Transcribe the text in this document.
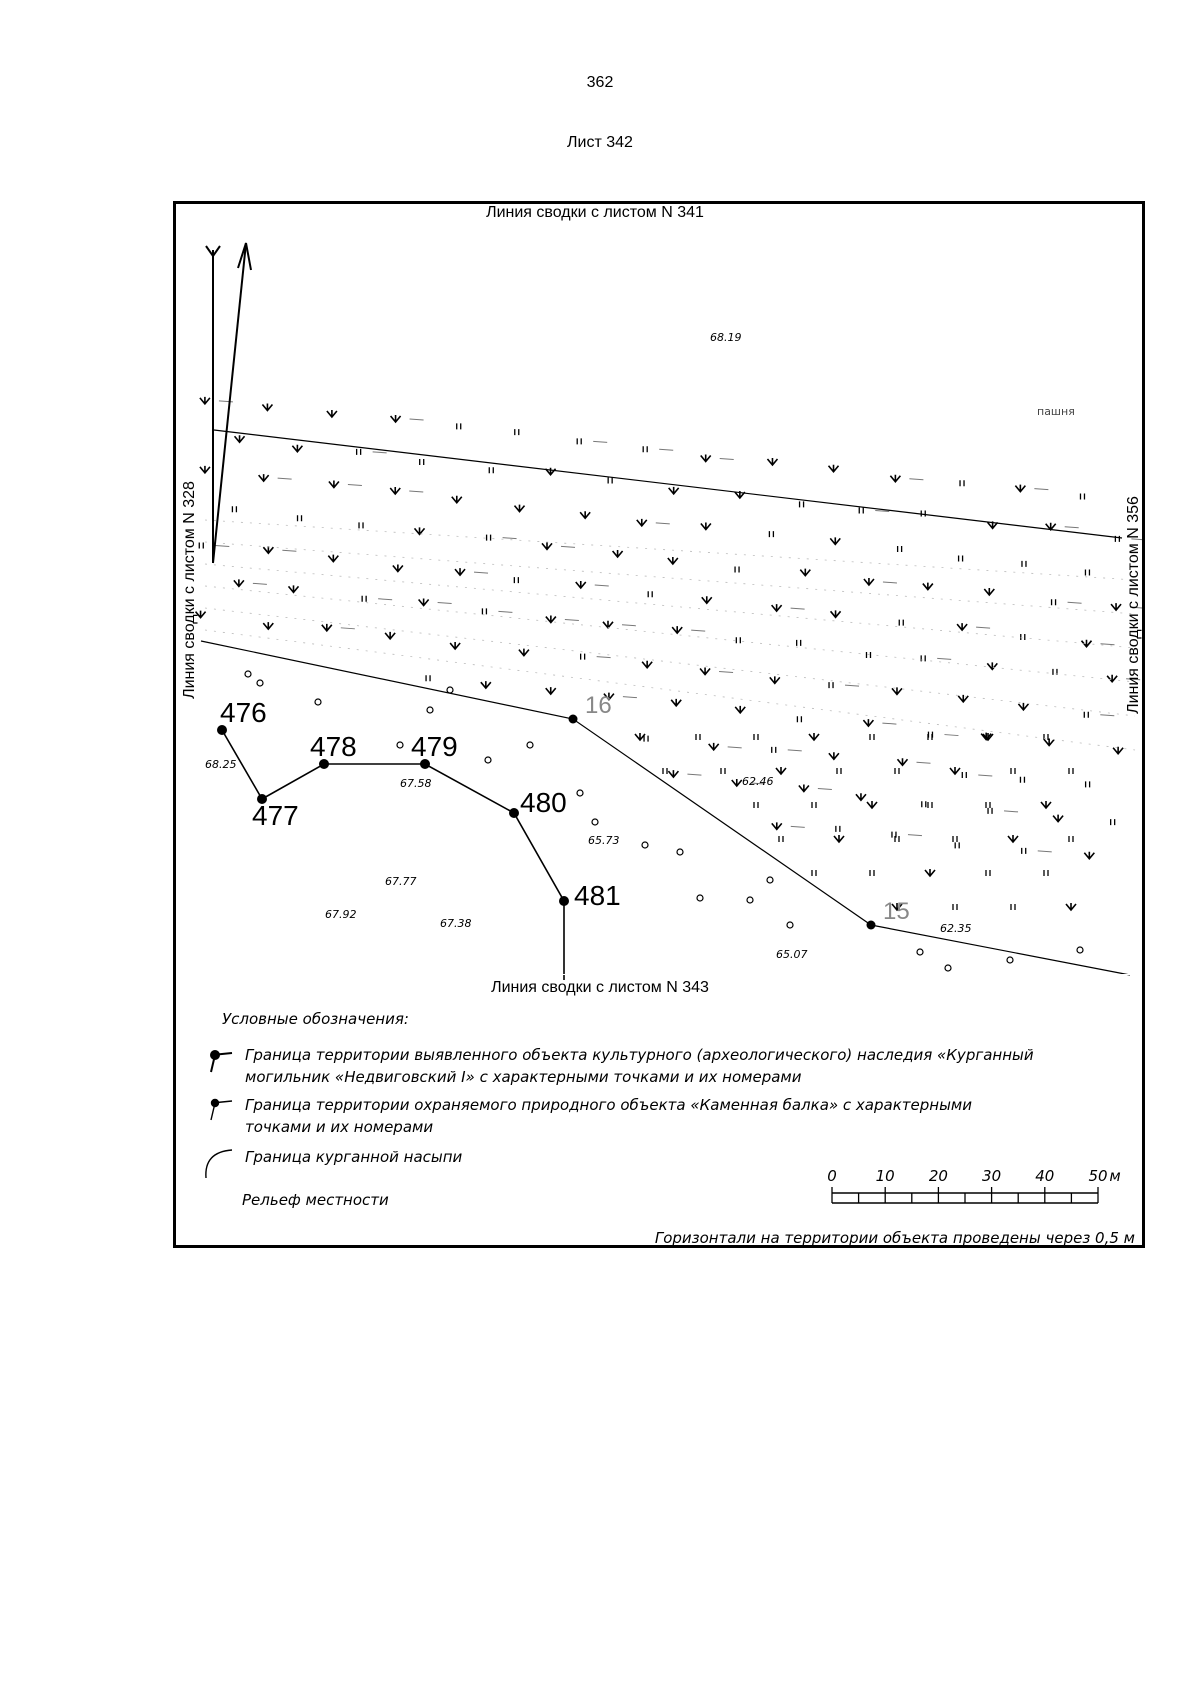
362
Лист 342
16
15
476
477
478 479
480
481
68.19
68.25
67.58	62.46
65.73
67.77
67.92
67.38
65.07
62.35
пашня
Линия сводки с листом N 341
Линия сводки с листом N 343
Линия сводки с листом N 328	Линия сводки с листом N 356
Условные обозначения:
Граница территории выявленного объекта культурного (археологического) наследия «Курганный
могильник «Недвиговский I» с характерными точками и их номерами
Граница территории охраняемого природного объекта «Каменная балка» с характерными
точками и их номерами
Граница курганной насыпи
Рельеф местности
0	10 20 30 40 50 м
Горизонтали на территории объекта проведены через 0,5 м
